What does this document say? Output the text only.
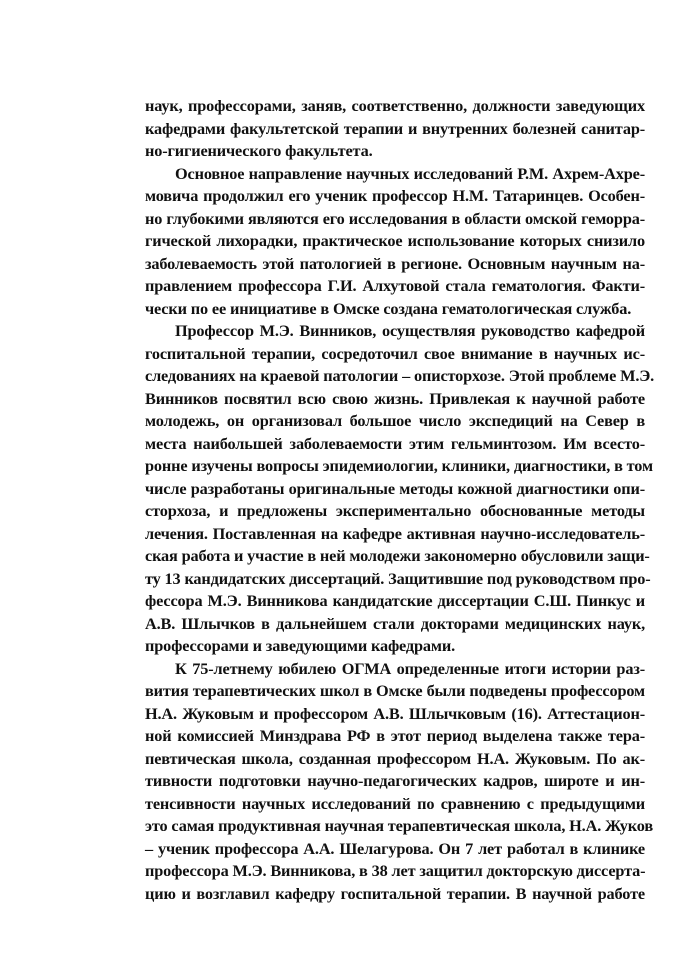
наук, профессорами, заняв, соответственно, должности заведующих
кафедрами факультетской терапии и внутренних болезней санитар-
но-гигиенического факультета.
Основное направление научных исследований Р.М. Ахрем-Ахре-
мовича продолжил его ученик профессор Н.М. Татаринцев. Особен-
но глубокими являются его исследования в области омской геморра-
гической лихорадки, практическое использование которых снизило
заболеваемость этой патологией в регионе. Основным научным на-
правлением профессора Г.И. Алхутовой стала гематология. Факти-
чески по ее инициативе в Омске создана гематологическая служба.
Профессор М.Э. Винников, осуществляя руководство кафедрой
госпитальной терапии, сосредоточил свое внимание в научных ис-
следованиях на краевой патологии – описторхозе. Этой проблеме М.Э.
Винников посвятил всю свою жизнь. Привлекая к научной работе
молодежь, он организовал большое число экспедиций на Север в
места наибольшей заболеваемости этим гельминтозом. Им всесто-
ронне изучены вопросы эпидемиологии, клиники, диагностики, в том
числе разработаны оригинальные методы кожной диагностики опи-
сторхоза, и предложены экспериментально обоснованные методы
лечения. Поставленная на кафедре активная научно-исследователь-
ская работа и участие в ней молодежи закономерно обусловили защи-
ту 13 кандидатских диссертаций. Защитившие под руководством про-
фессора М.Э. Винникова кандидатские диссертации С.Ш. Пинкус и
А.В. Шлычков в дальнейшем стали докторами медицинских наук,
профессорами и заведующими кафедрами.
К 75-летнему юбилею ОГМА определенные итоги истории раз-
вития терапевтических школ в Омске были подведены профессором
Н.А. Жуковым и профессором А.В. Шлычковым (16). Аттестацион-
ной комиссией Минздрава РФ в этот период выделена также тера-
певтическая школа, созданная профессором Н.А. Жуковым. По ак-
тивности подготовки научно-педагогических кадров, широте и ин-
тенсивности научных исследований по сравнению с предыдущими
это самая продуктивная научная терапевтическая школа, Н.А. Жуков
– ученик профессора А.А. Шелагурова. Он 7 лет работал в клинике
профессора М.Э. Винникова, в 38 лет защитил докторскую диссерта-
цию и возглавил кафедру госпитальной терапии. В научной работе
